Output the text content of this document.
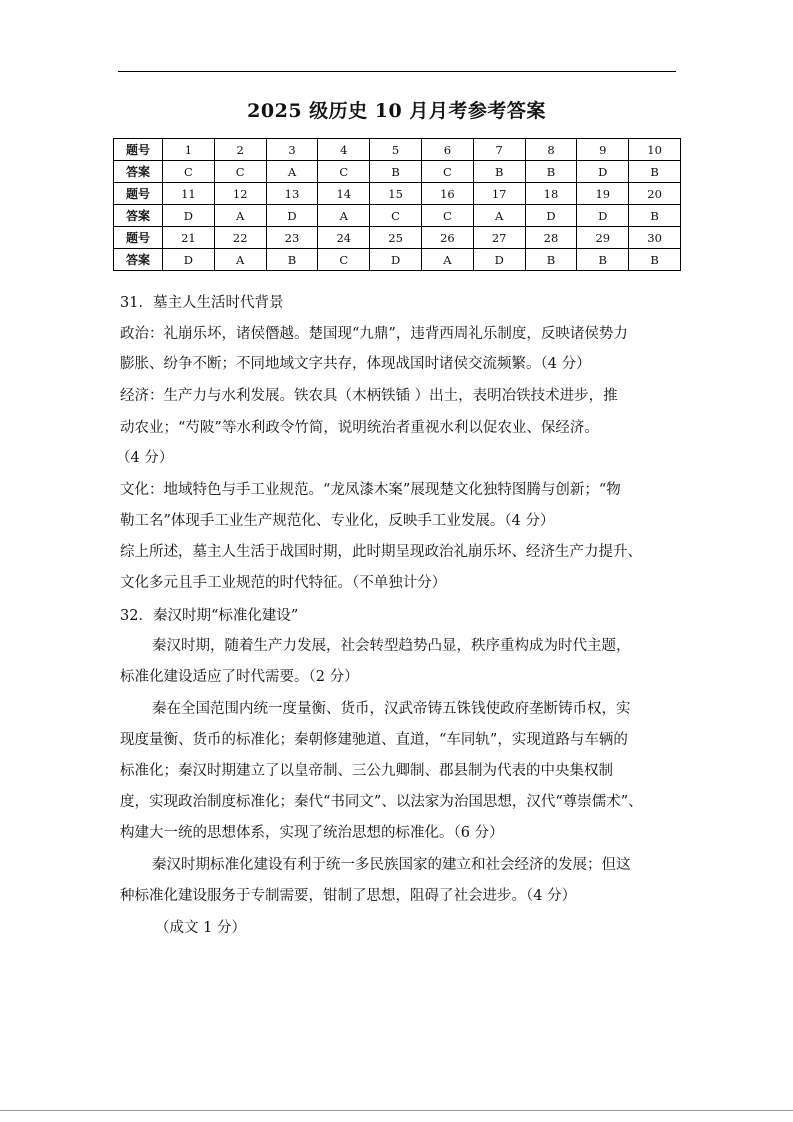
2025 级历史 10 月月考参考答案
题号	1	2	3	4	5	6	7	8	9	10
答案	C	C	A	C	B	C	B	B	D	B
题号	11	12	13	14	15	16	17	18	19	20
答案	D	A	D	A	C	C	A	D	D	B
题号	21	22	23	24	25	26	27	28	29	30
答案	D	A	B	C	D	A	D	B	B	B
31．墓主人生活时代背景
政治：礼崩乐坏，诸侯僭越。楚国现“九鼎”，违背西周礼乐制度，反映诸侯势力
膨胀、纷争不断；不同地域文字共存，体现战国时诸侯交流频繁。（4 分）
经济：生产力与水利发展。铁农具（木柄铁锸 ）出土，表明冶铁技术进步，推
动农业；“芍陂”等水利政令竹简，说明统治者重视水利以促农业、保经济。
（4 分）
文化：地域特色与手工业规范。“龙凤漆木案”展现楚文化独特图腾与创新；“物
勒工名”体现手工业生产规范化、专业化，反映手工业发展。（4 分）
综上所述，墓主人生活于战国时期，此时期呈现政治礼崩乐坏、经济生产力提升、
文化多元且手工业规范的时代特征。（不单独计分）
32．秦汉时期“标准化建设”
秦汉时期，随着生产力发展，社会转型趋势凸显，秩序重构成为时代主题，
标准化建设适应了时代需要。（2 分）
秦在全国范围内统一度量衡、货币，汉武帝铸五铢钱使政府垄断铸币权，实
现度量衡、货币的标准化；秦朝修建驰道、直道，“车同轨”，实现道路与车辆的
标准化；秦汉时期建立了以皇帝制、三公九卿制、郡县制为代表的中央集权制
度，实现政治制度标准化；秦代“书同文”、以法家为治国思想，汉代“尊崇儒术”、
构建大一统的思想体系，实现了统治思想的标准化。（6 分）
秦汉时期标准化建设有利于统一多民族国家的建立和社会经济的发展；但这
种标准化建设服务于专制需要，钳制了思想，阻碍了社会进步。（4 分）
（成文 1 分）
